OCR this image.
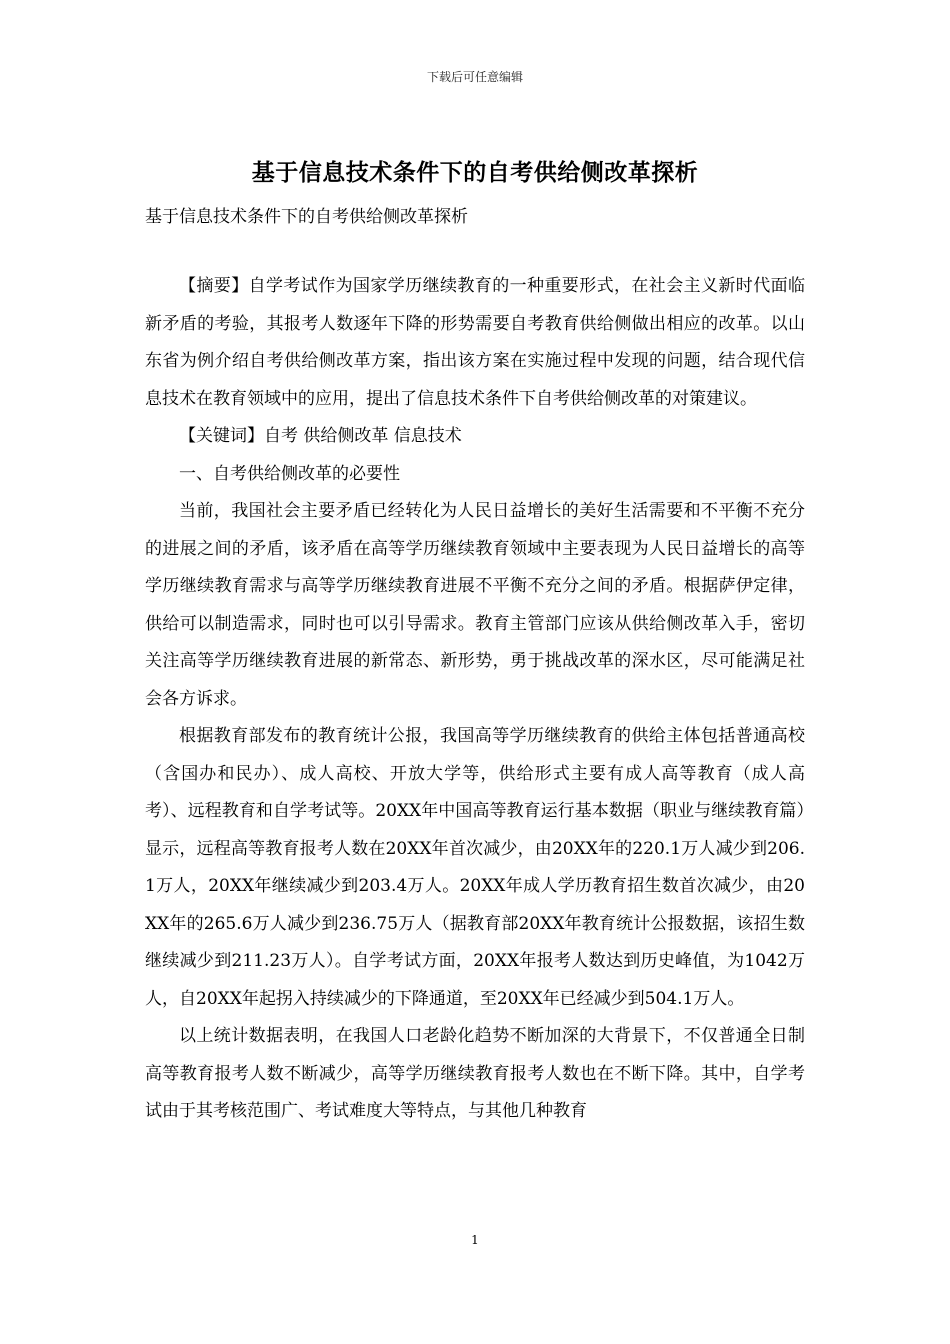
下载后可任意编辑
基于信息技术条件下的自考供给侧改革探析
基于信息技术条件下的自考供给侧改革探析

【摘要】自学考试作为国家学历继续教育的一种重要形式，在社会主义新时代面临新矛盾的考验，其报考人数逐年下降的形势需要自考教育供给侧做出相应的改革。以山东省为例介绍自考供给侧改革方案，指出该方案在实施过程中发现的问题，结合现代信息技术在教育领域中的应用，提出了信息技术条件下自考供给侧改革的对策建议。

【关键词】自考 供给侧改革 信息技术

一、自考供给侧改革的必要性

当前，我国社会主要矛盾已经转化为人民日益增长的美好生活需要和不平衡不充分的进展之间的矛盾，该矛盾在高等学历继续教育领域中主要表现为人民日益增长的高等学历继续教育需求与高等学历继续教育进展不平衡不充分之间的矛盾。根据萨伊定律，供给可以制造需求，同时也可以引导需求。教育主管部门应该从供给侧改革入手，密切关注高等学历继续教育进展的新常态、新形势，勇于挑战改革的深水区，尽可能满足社会各方诉求。

根据教育部发布的教育统计公报，我国高等学历继续教育的供给主体包括普通高校（含国办和民办）、成人高校、开放大学等，供给形式主要有成人高等教育（成人高考）、远程教育和自学考试等。20XX年中国高等教育运行基本数据（职业与继续教育篇）显示，远程高等教育报考人数在20XX年首次减少，由20XX年的220.1万人减少到206.1万人，20XX年继续减少到203.4万人。20XX年成人学历教育招生数首次减少，由20XX年的265.6万人减少到236.75万人（据教育部20XX年教育统计公报数据，该招生数继续减少到211.23万人）。自学考试方面，20XX年报考人数达到历史峰值，为1042万人，自20XX年起拐入持续减少的下降通道，至20XX年已经减少到504.1万人。

以上统计数据表明，在我国人口老龄化趋势不断加深的大背景下，不仅普通全日制高等教育报考人数不断减少，高等学历继续教育报考人数也在不断下降。其中，自学考试由于其考核范围广、考试难度大等特点，与其他几种教育

1
